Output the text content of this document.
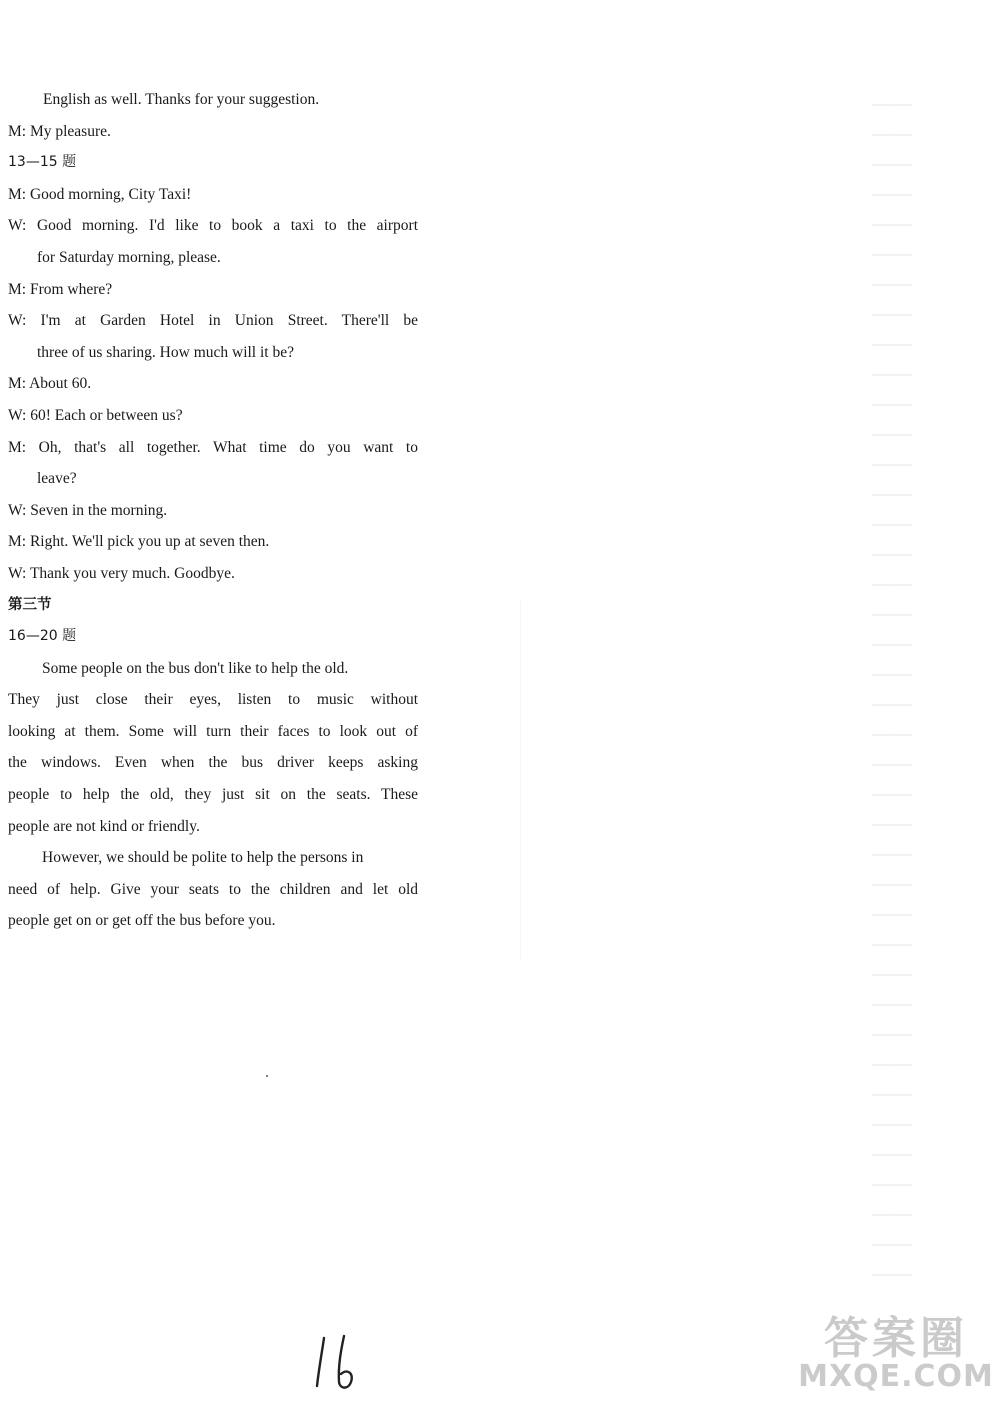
English as well. Thanks for your suggestion.
M: My pleasure.
13—15 题
M: Good morning, City Taxi!
W: Good morning. I'd like to book a taxi to the airport
for Saturday morning, please.
M: From where?
W: I'm at Garden Hotel in Union Street. There'll be
three of us sharing. How much will it be?
M: About 60.
W: 60! Each or between us?
M: Oh, that's all together. What time do you want to
leave?
W: Seven in the morning.
M: Right. We'll pick you up at seven then.
W: Thank you very much. Goodbye.
第三节
16—20 题
Some people on the bus don't like to help the old.
They just close their eyes, listen to music without
looking at them. Some will turn their faces to look out of
the windows. Even when the bus driver keeps asking
people to help the old, they just sit on the seats. These
people are not kind or friendly.
However, we should be polite to help the persons in
need of help. Give your seats to the children and let old
people get on or get off the bus before you.
答案圈
MXQE.COM
